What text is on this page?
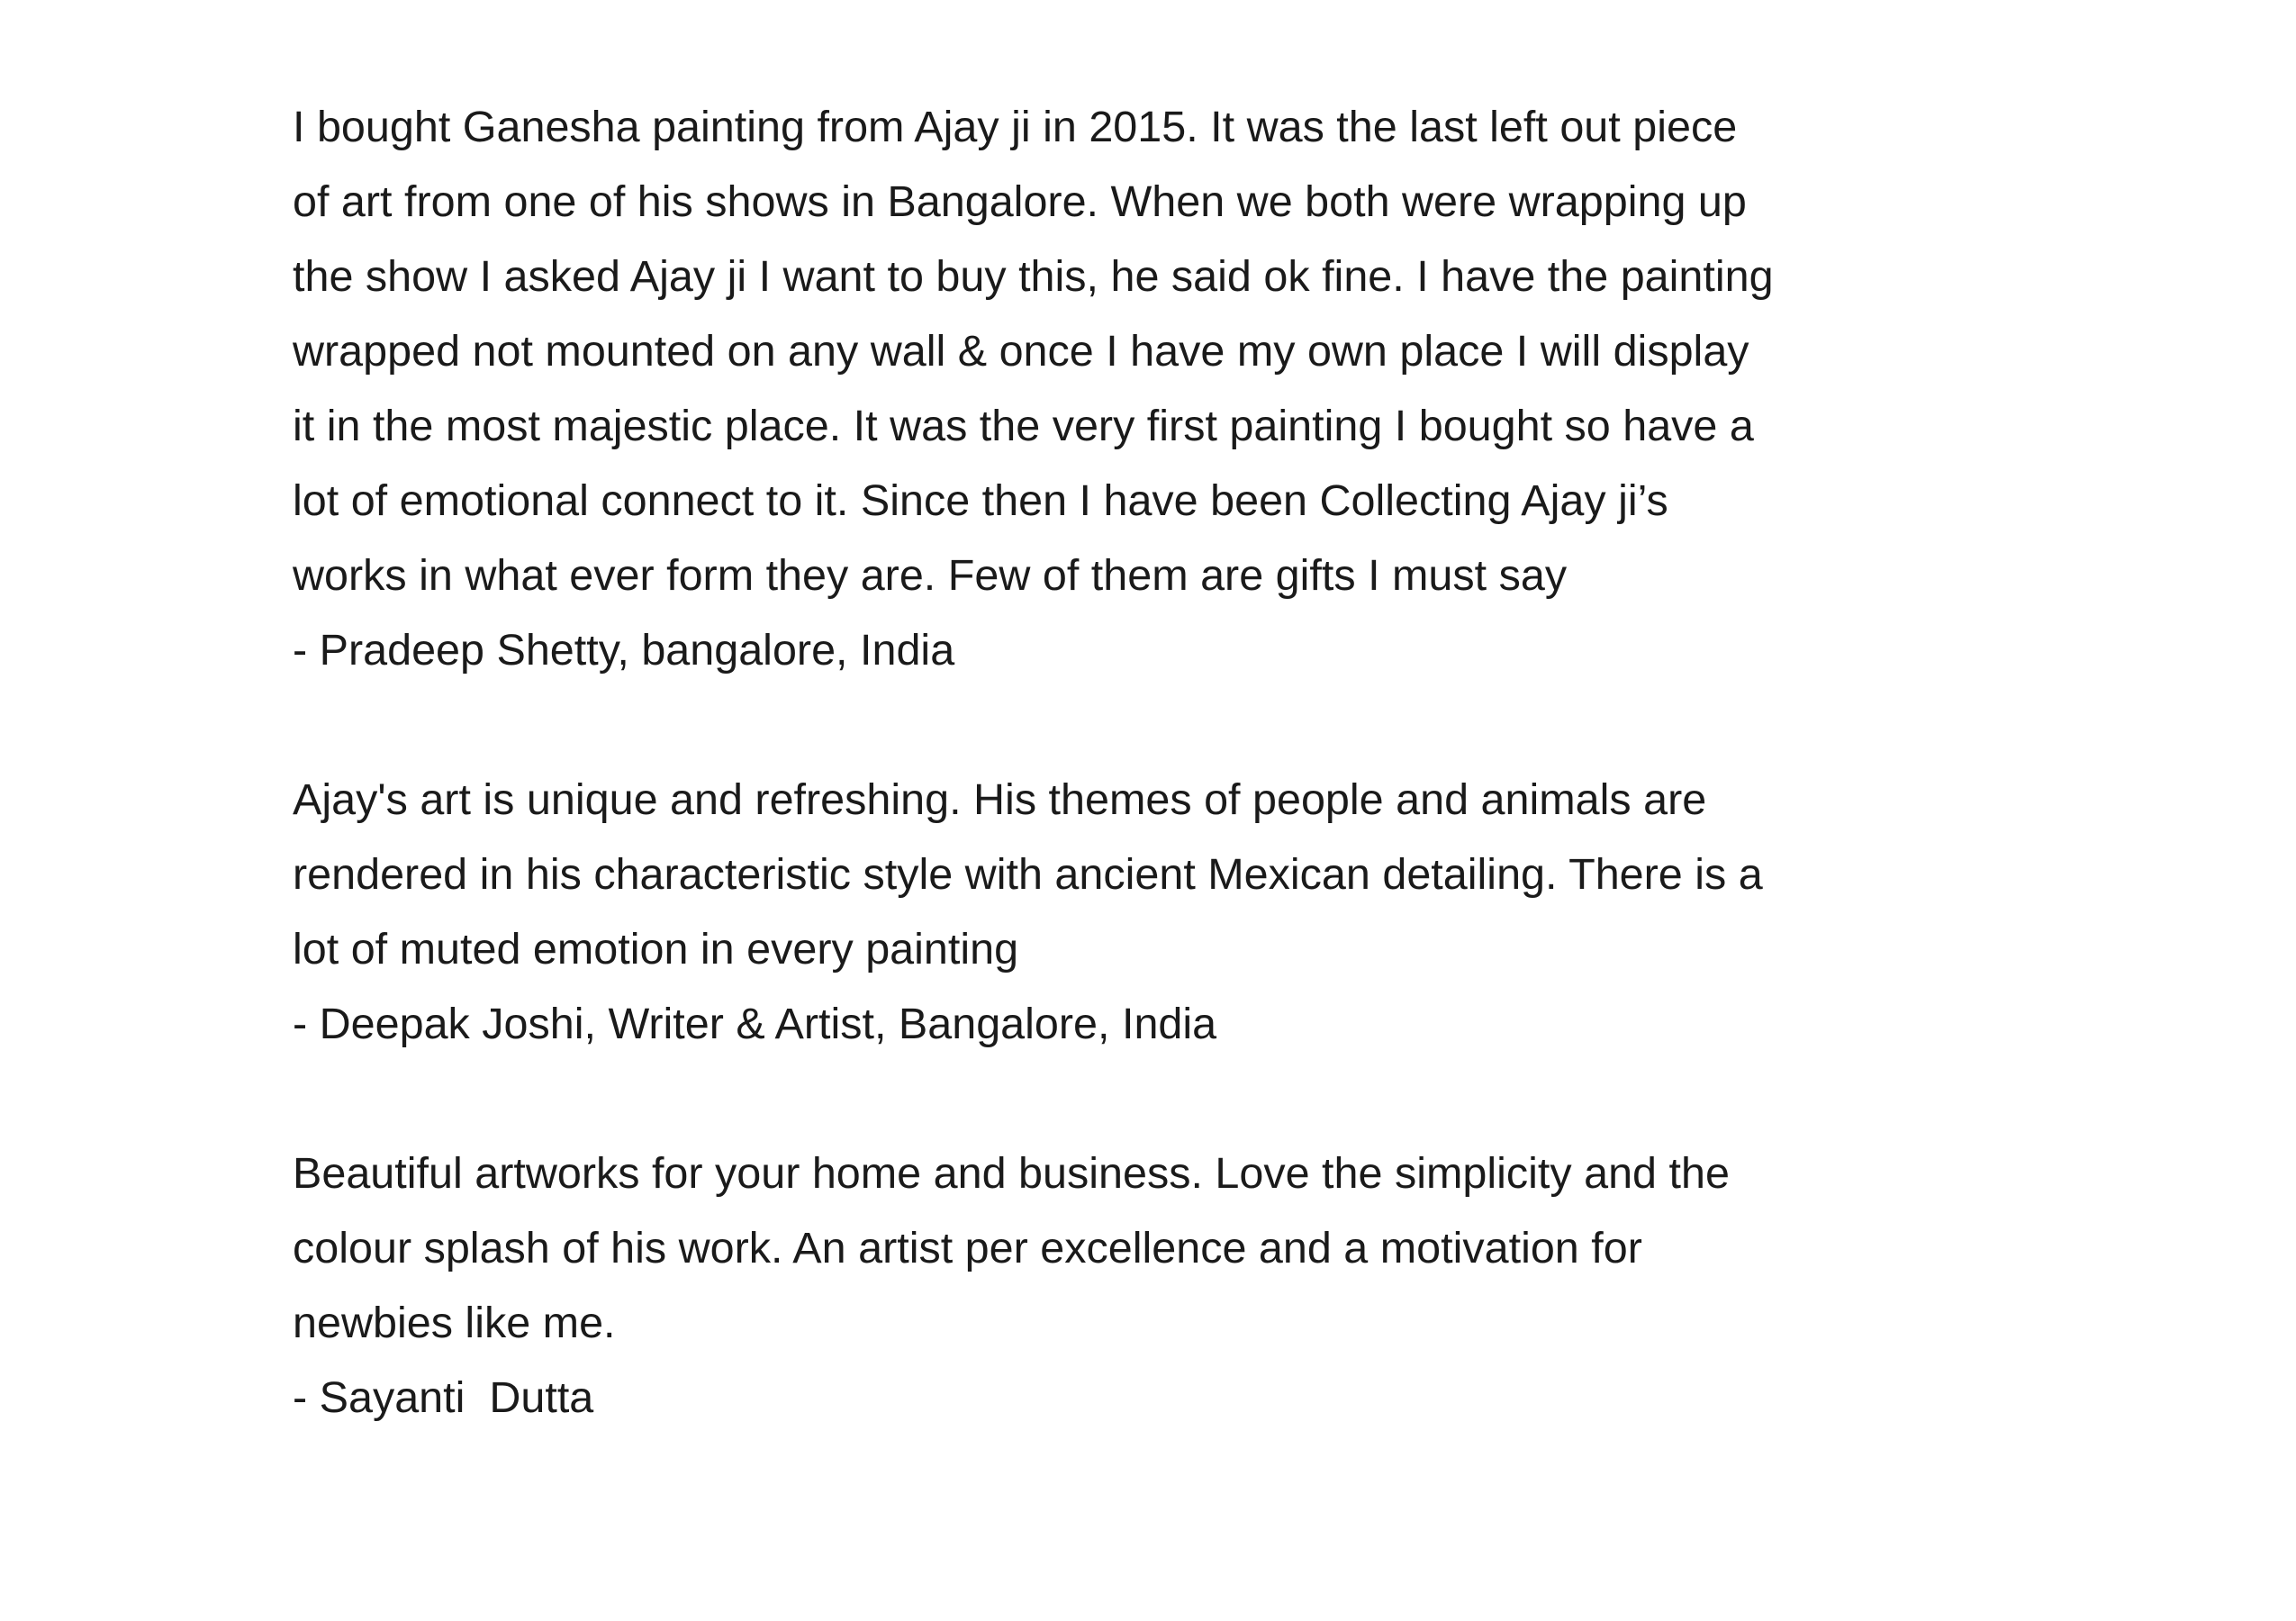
I bought Ganesha painting from Ajay ji in 2015. It was the last left out piece
of art from one of his shows in Bangalore. When we both were wrapping up
the show I asked Ajay ji I want to buy this, he said ok fine. I have the painting
wrapped not mounted on any wall & once I have my own place I will display
it in the most majestic place. It was the very first painting I bought so have a
lot of emotional connect to it. Since then I have been Collecting Ajay ji’s
works in what ever form they are. Few of them are gifts I must say
- Pradeep Shetty, bangalore, India
Ajay's art is unique and refreshing. His themes of people and animals are
rendered in his characteristic style with ancient Mexican detailing. There is a
lot of muted emotion in every painting
- Deepak Joshi, Writer & Artist, Bangalore, India
Beautiful artworks for your home and business. Love the simplicity and the
colour splash of his work. An artist per excellence and a motivation for
newbies like me.
- Sayanti  Dutta
